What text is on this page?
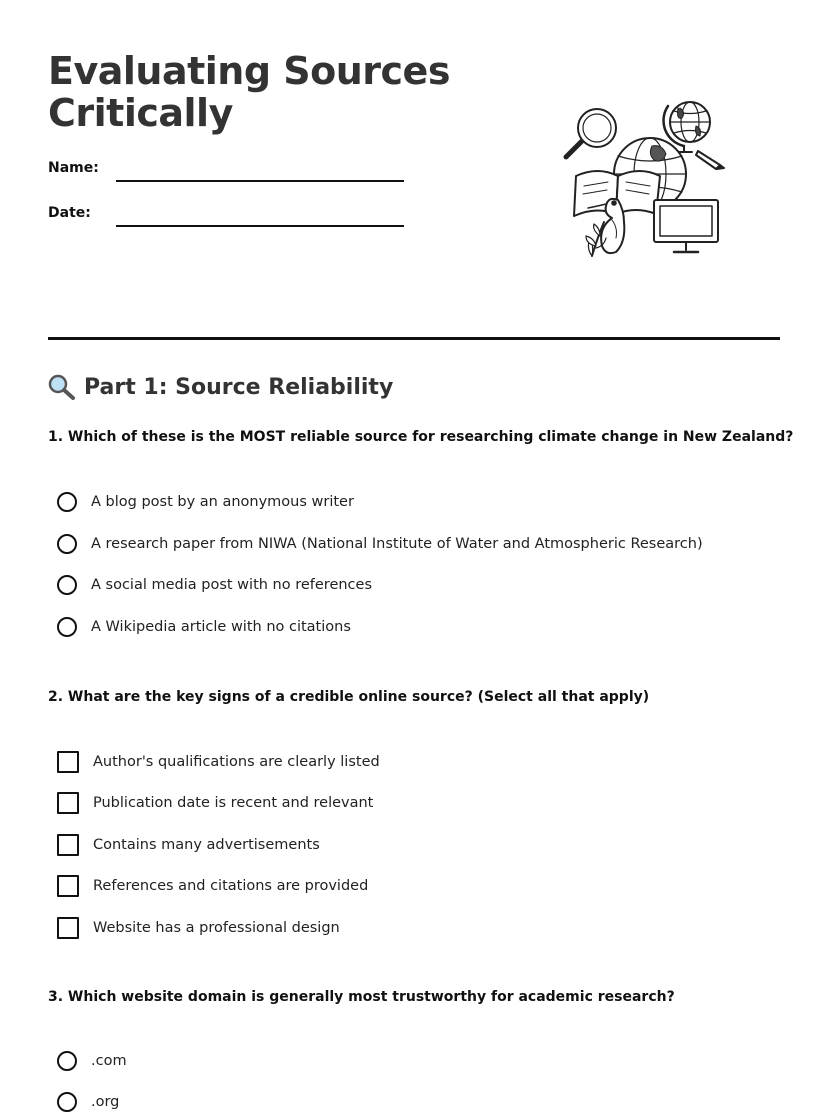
Evaluating Sources
Critically
Name:
Date:
Part 1: Source Reliability
1. Which of these is the MOST reliable source for researching climate change in New Zealand?
A blog post by an anonymous writer
A research paper from NIWA (National Institute of Water and Atmospheric Research)
A social media post with no references
A Wikipedia article with no citations
2. What are the key signs of a credible online source? (Select all that apply)
Author's qualifications are clearly listed
Publication date is recent and relevant
Contains many advertisements
References and citations are provided
Website has a professional design
3. Which website domain is generally most trustworthy for academic research?
.com
.org
